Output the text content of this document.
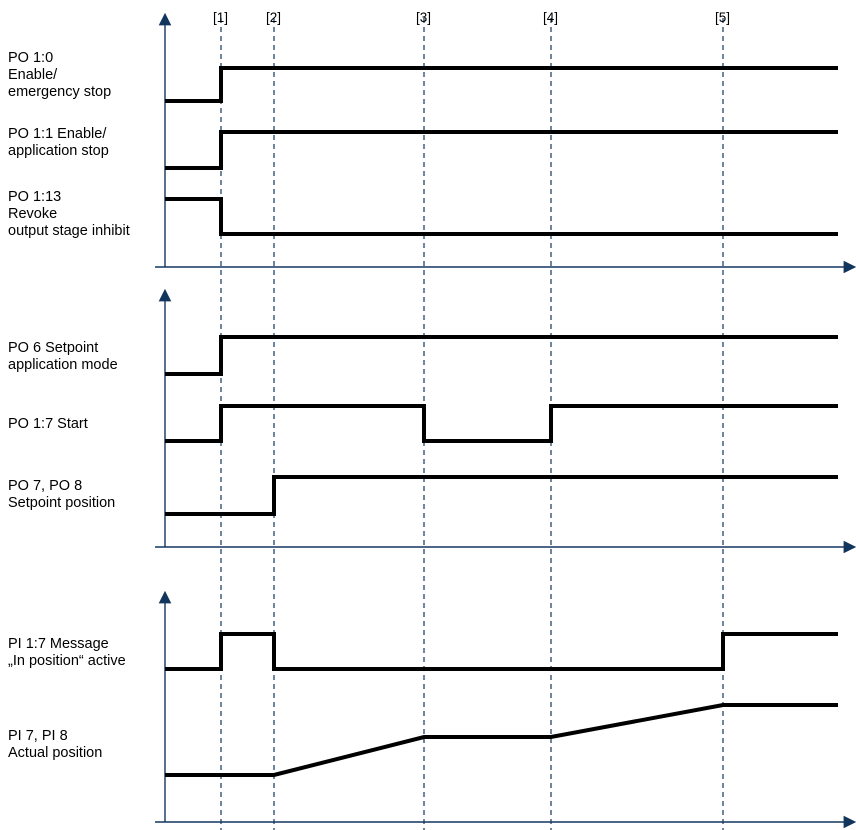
[1]	[2]	[3]	[4]	[5]
PO 1:0
Enable/
emergency stop
PO 1:1 Enable/
application stop
PO 1:13
Revoke
output stage inhibit
PO 6 Setpoint
application mode
PO 1:7 Start
PO 7, PO 8
Setpoint position
PI 1:7 Message
„In position“ active
PI 7, PI 8
Actual position
